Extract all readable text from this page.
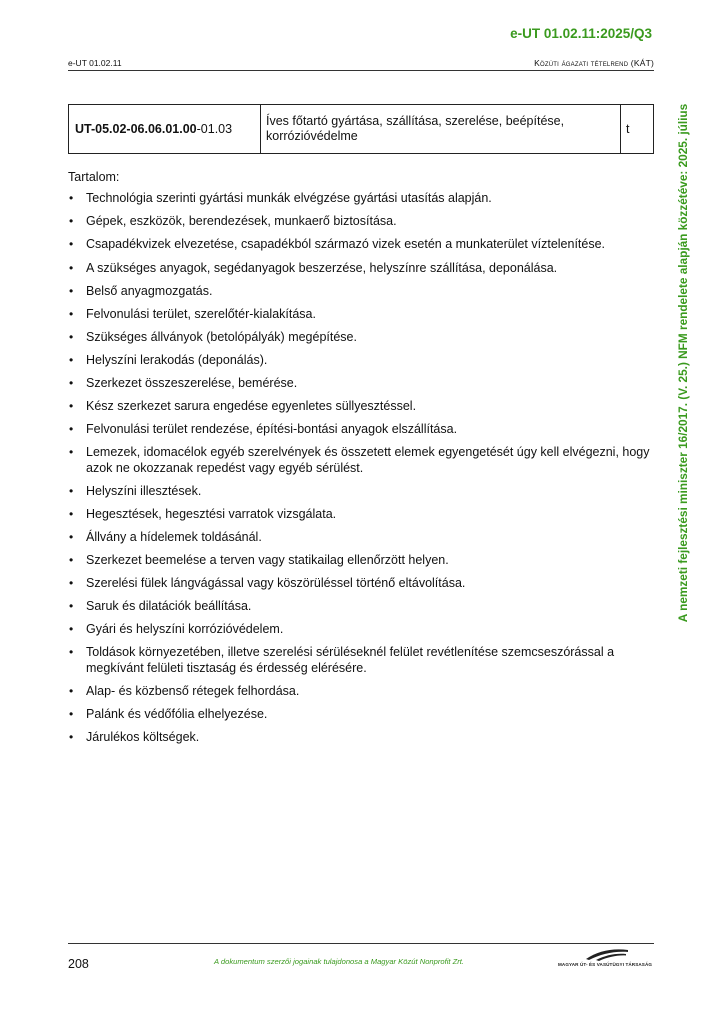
e-UT 01.02.11:2025/Q3
e-UT 01.02.11	Közúti ágazati tételrend (KÁT)
UT-05.02-06.06.01.00-01.03	Íves főtartó gyártása, szállítása, szerelése, beépítése, korrózióvédelme	t

Tartalom:

• Technológia szerinti gyártási munkák elvégzése gyártási utasítás alapján.
• Gépek, eszközök, berendezések, munkaerő biztosítása.
• Csapadékvizek elvezetése, csapadékból származó vizek esetén a munkaterület víztelenítése.
• A szükséges anyagok, segédanyagok beszerzése, helyszínre szállítása, deponálása.
• Belső anyagmozgatás.
• Felvonulási terület, szerelőtér-kialakítása.
• Szükséges állványok (betolópályák) megépítése.
• Helyszíni lerakodás (deponálás).
• Szerkezet összeszerelése, bemérése.
• Kész szerkezet sarura engedése egyenletes süllyesztéssel.
• Felvonulási terület rendezése, építési-bontási anyagok elszállítása.
• Lemezek, idomacélok egyéb szerelvények és összetett elemek egyengetését úgy kell elvégezni, hogy azok ne okozzanak repedést vagy egyéb sérülést.
• Helyszíni illesztések.
• Hegesztések, hegesztési varratok vizsgálata.
• Állvány a hídelemek toldásánál.
• Szerkezet beemelése a terven vagy statikailag ellenőrzött helyen.
• Szerelési fülek lángvágással vagy köszörüléssel történő eltávolítása.
• Saruk és dilatációk beállítása.
• Gyári és helyszíni korrózióvédelem.
• Toldások környezetében, illetve szerelési sérüléseknél felület revétlenítése szemcseszórással a megkívánt felületi tisztaság és érdesség elérésére.
• Alap- és közbenső rétegek felhordása.
• Palánk és védőfólia elhelyezése.
• Járulékos költségek.
A nemzeti fejlesztési miniszter 16/2017. (V. 25.) NFM rendelete alapján közzétéve: 2025. július
208	A dokumentum szerzői jogainak tulajdonosa a Magyar Közút Nonprofit Zrt.	MAGYAR ÚT- ÉS VASÚTÜGYI TÁRSASÁG
